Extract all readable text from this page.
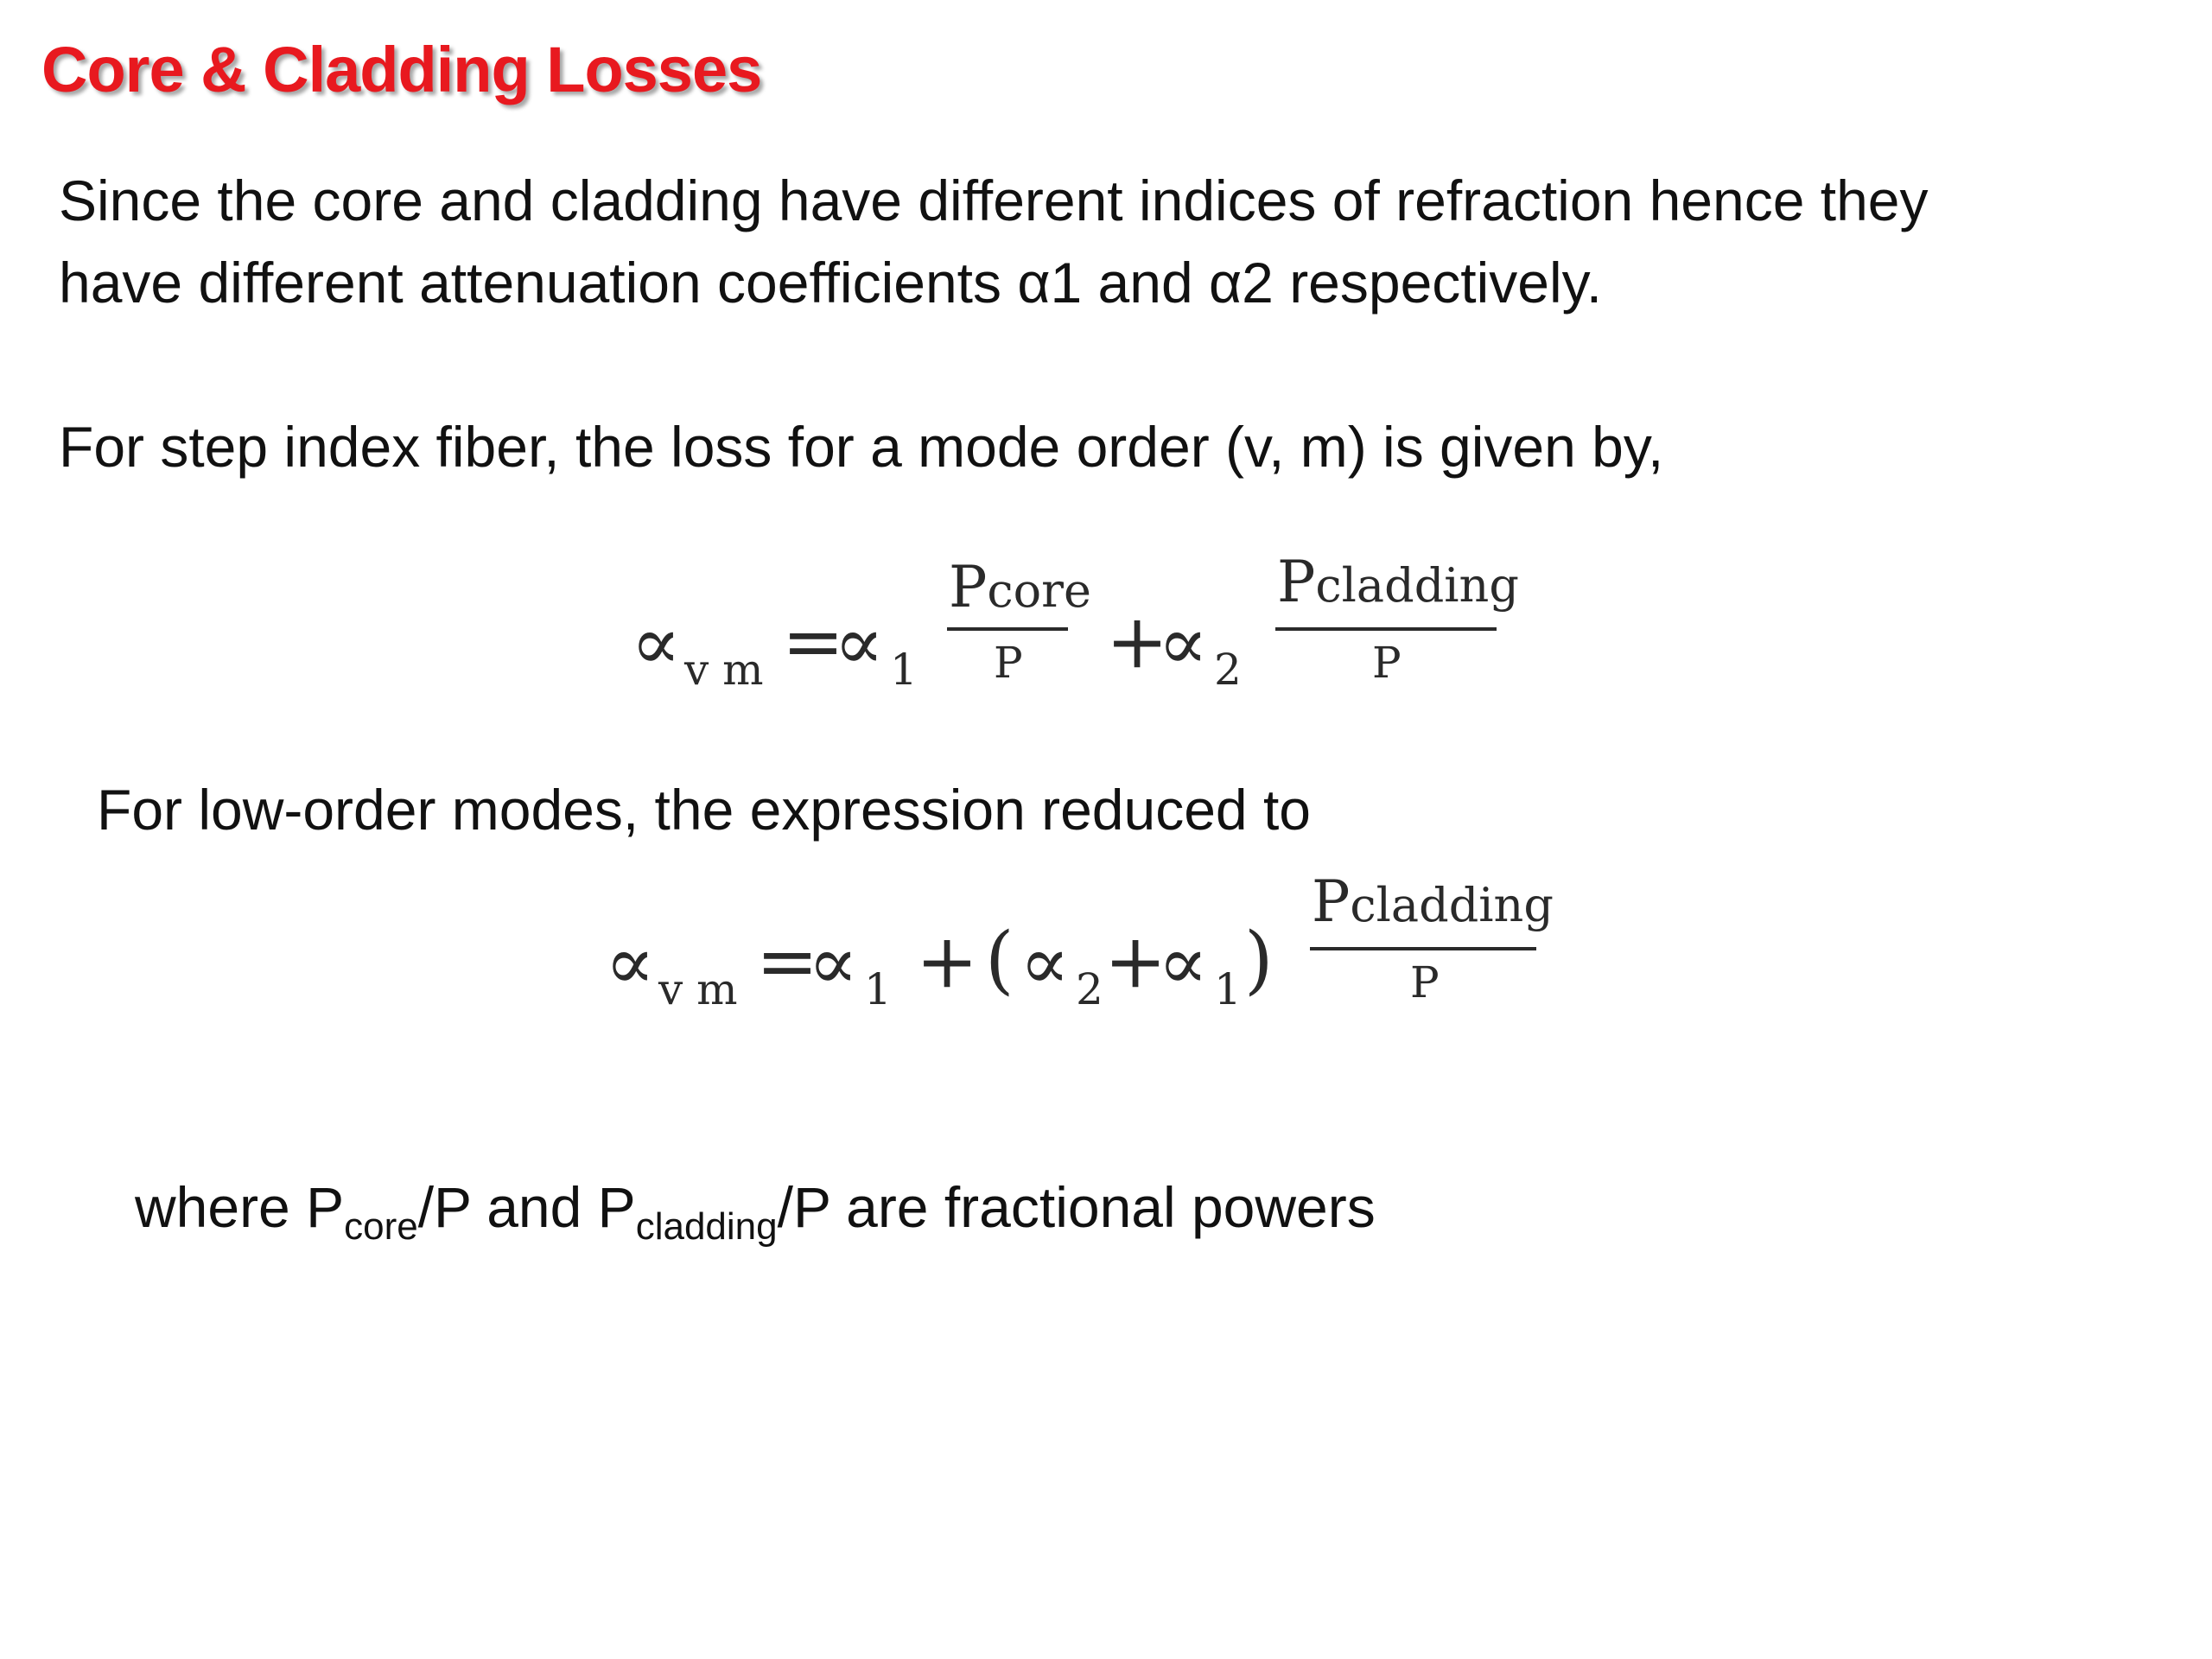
Core & Cladding Losses
Since the core and cladding have different indices of refraction hence they
have different attenuation coefficients α1 and α2 respectively.
For step index fiber, the loss for a mode order (v, m) is given by,
∝ v m =
∝ 1
Pcore
P +
∝ 2
Pcladding
P
For low-order modes, the expression reduced to
∝ v m =
∝ 1 + ( ∝ 2 +
∝ 1 )
Pcladding
P
where $P_{core}/P$ and $P_{cladding}/P$ are fractional powers
